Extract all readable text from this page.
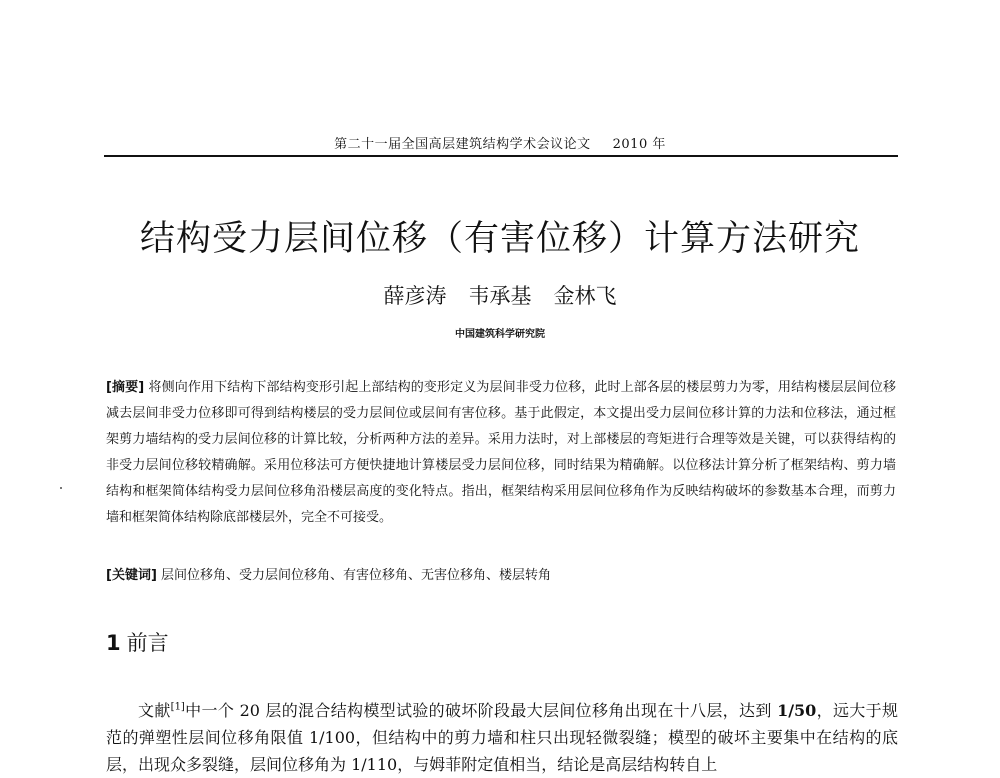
第二十一届全国高层建筑结构学术会议论文 2010 年
结构受力层间位移（有害位移）计算方法研究
薛彦涛 韦承基 金林飞
中国建筑科学研究院

[摘要] 将侧向作用下结构下部结构变形引起上部结构的变形定义为层间非受力位移，此时上部各层的楼层剪力为零，用结构楼层层间位移减去层间非受力位移即可得到结构楼层的受力层间位或层间有害位移。基于此假定，本文提出受力层间位移计算的力法和位移法，通过框架剪力墙结构的受力层间位移的计算比较，分析两种方法的差异。采用力法时，对上部楼层的弯矩进行合理等效是关键，可以获得结构的非受力层间位移较精确解。采用位移法可方便快捷地计算楼层受力层间位移，同时结果为精确解。以位移法计算分析了框架结构、剪力墙结构和框架简体结构受力层间位移角沿楼层高度的变化特点。指出，框架结构采用层间位移角作为反映结构破坏的参数基本合理，而剪力墙和框架简体结构除底部楼层外，完全不可接受。

[关键词] 层间位移角、受力层间位移角、有害位移角、无害位移角、楼层转角

1 前言

文献[1]中一个 20 层的混合结构模型试验的破坏阶段最大层间位移角出现在十八层，达到 1/50，远大于规范的弹塑性层间位移角限值 1/100，但结构中的剪力墙和柱只出现轻微裂缝；模型的破坏主要集中在结构的底层，出现众多裂缝，层间位移角为 1/110，与姆菲附定值相当，结论是高层结构转自上
